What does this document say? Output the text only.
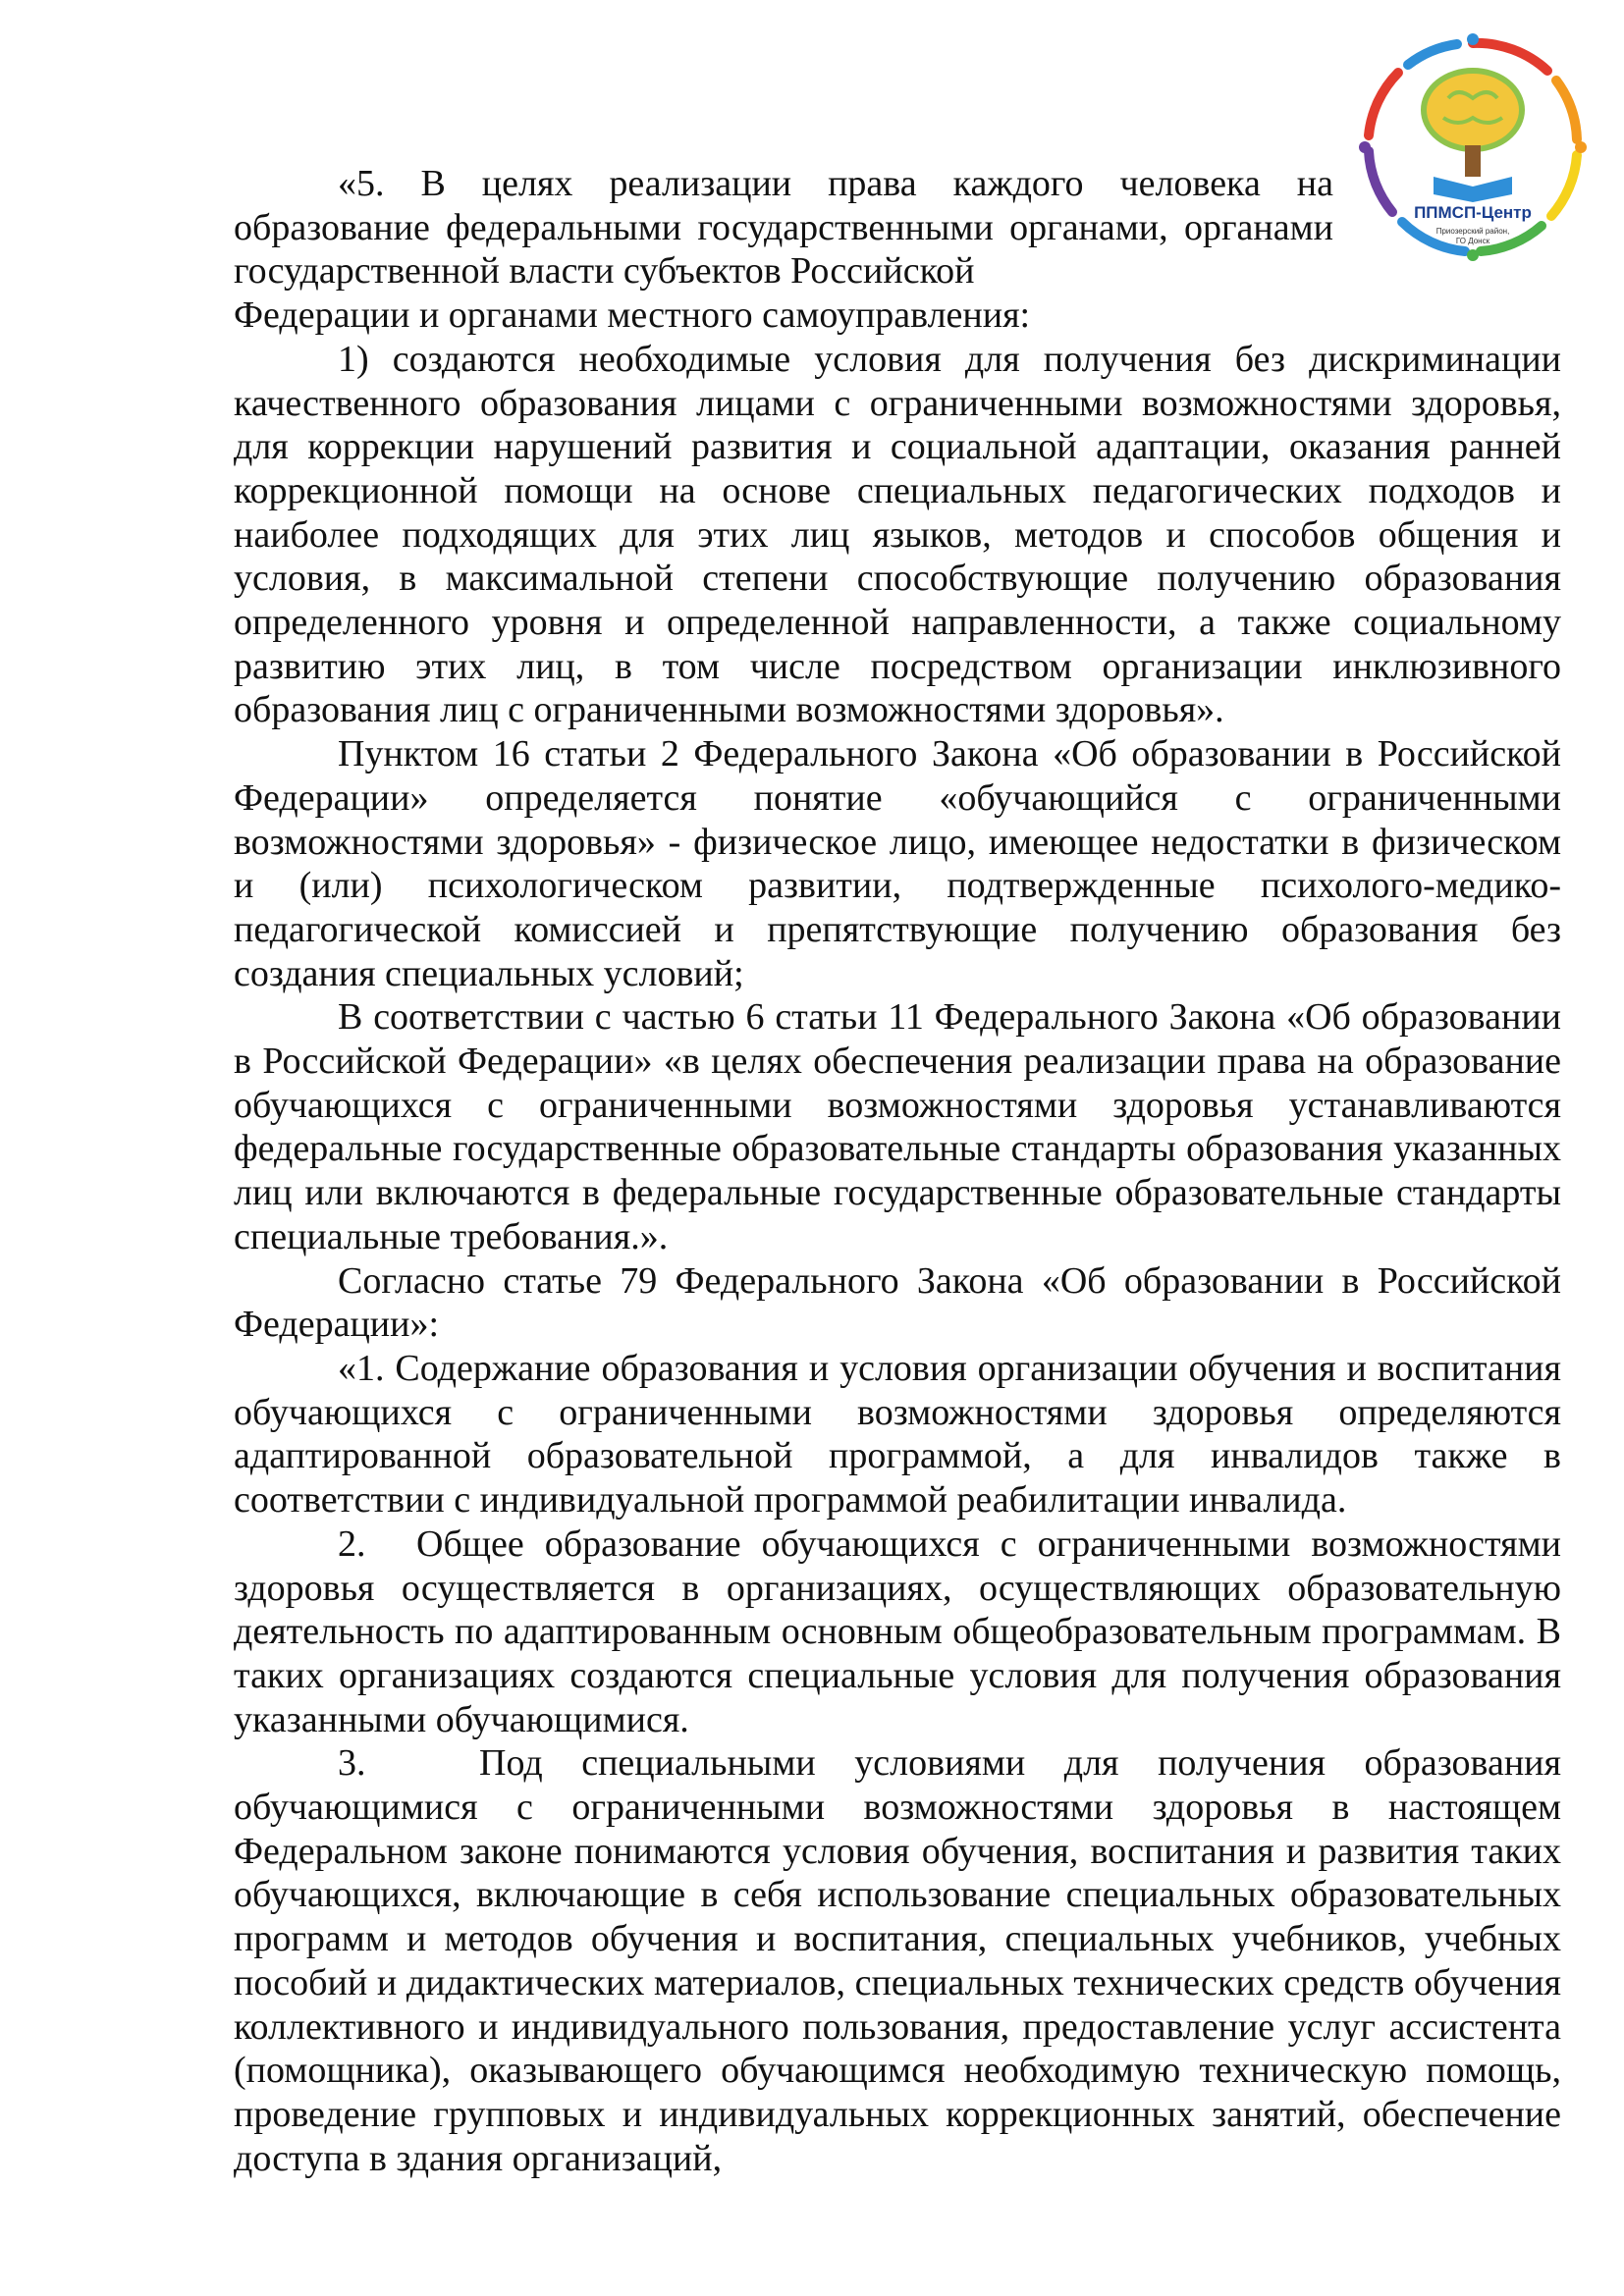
ППМСП-Центр
Приозерский район,
ГО Донск

«5. В целях реализации права каждого человека на образование федеральными государственными органами, органами государственной власти субъектов Российской

Федерации и органами местного самоуправления:

1) создаются необходимые условия для получения без дискриминации качественного образования лицами с ограниченными возможностями здоровья, для коррекции нарушений развития и социальной адаптации, оказания ранней коррекционной помощи на основе специальных педагогических подходов и наиболее подходящих для этих лиц языков, методов и способов общения и условия, в максимальной степени способствующие получению образования определенного уровня и определенной направленности, а также социальному развитию этих лиц, в том числе посредством организации инклюзивного образования лиц с ограниченными возможностями здоровья».

Пунктом 16 статьи 2 Федерального Закона «Об образовании в Российской Федерации» определяется понятие «обучающийся с ограниченными возможностями здоровья» - физическое лицо, имеющее недостатки в физическом и (или) психологическом развитии, подтвержденные психолого-медико-педагогической комиссией и препятствующие получению образования без создания специальных условий;

В соответствии с частью 6 статьи 11 Федерального Закона «Об образовании в Российской Федерации» «в целях обеспечения реализации права на образование обучающихся с ограниченными возможностями здоровья устанавливаются федеральные государственные образовательные стандарты образования указанных лиц или включаются в федеральные государственные образовательные стандарты специальные требования.».

Согласно статье 79 Федерального Закона «Об образовании в Российской Федерации»:

«1. Содержание образования и условия организации обучения и воспитания обучающихся с ограниченными возможностями здоровья определяются адаптированной образовательной программой, а для инвалидов также в соответствии с индивидуальной программой реабилитации инвалида.

2. Общее образование обучающихся с ограниченными возможностями здоровья осуществляется в организациях, осуществляющих образовательную деятельность по адаптированным основным общеобразовательным программам. В таких организациях создаются специальные условия для получения образования указанными обучающимися.

3.	Под специальными условиями для получения образования обучающимися с ограниченными возможностями здоровья в настоящем Федеральном законе понимаются условия обучения, воспитания и развития таких обучающихся, включающие в себя использование специальных образовательных программ и методов обучения и воспитания, специальных учебников, учебных пособий и дидактических материалов, специальных технических средств обучения коллективного и индивидуального пользования, предоставление услуг ассистента (помощника), оказывающего обучающимся необходимую техническую помощь, проведение групповых и индивидуальных коррекционных занятий, обеспечение доступа в здания организаций,
